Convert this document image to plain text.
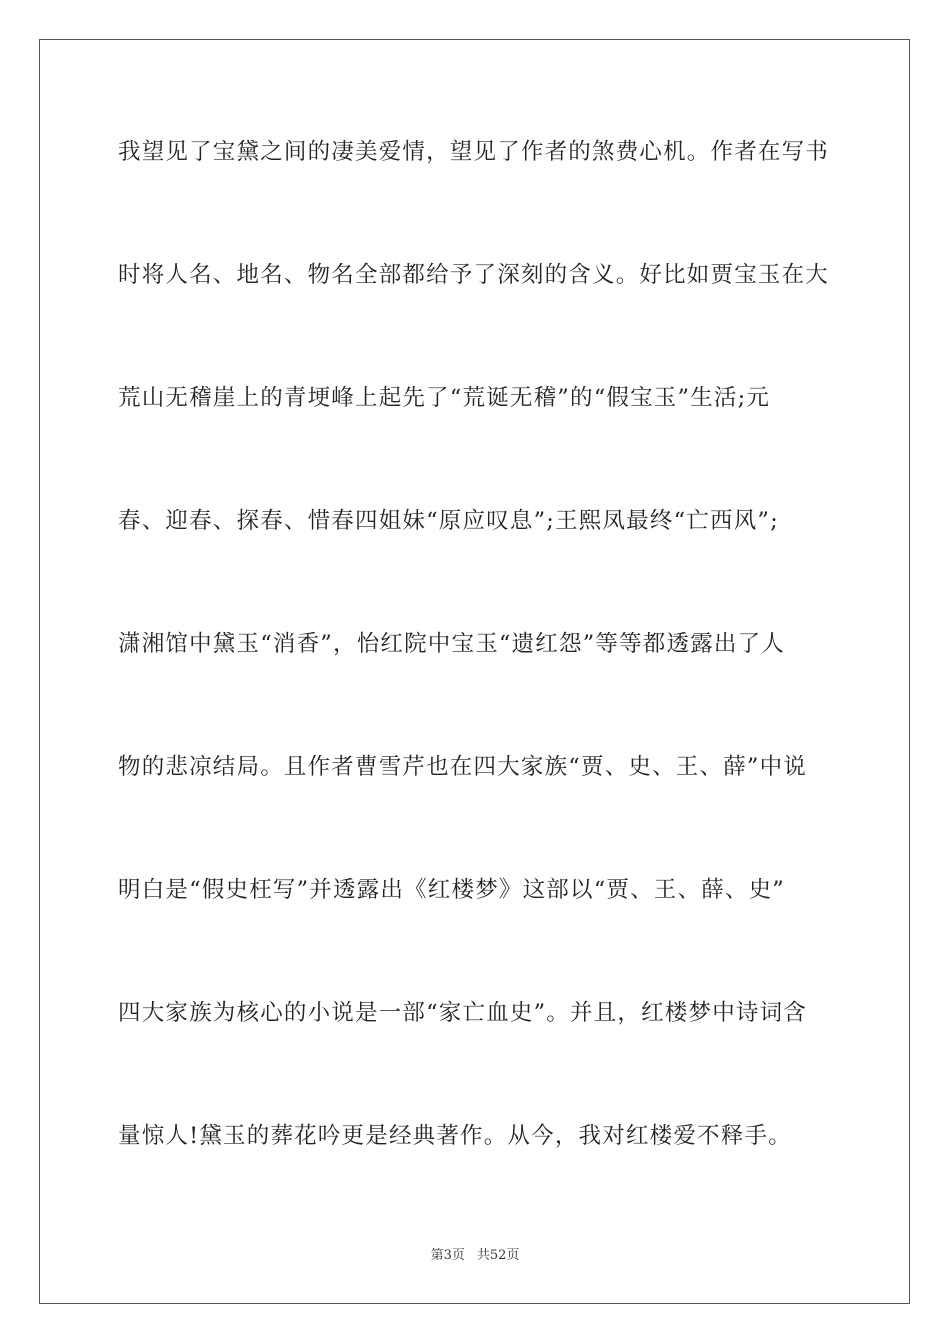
我望见了宝黛之间的凄美爱情，望见了作者的煞费心机。作者在写书
时将人名、地名、物名全部都给予了深刻的含义。好比如贾宝玉在大
荒山无稽崖上的青埂峰上起先了“荒诞无稽”的“假宝玉”生活;元
春、迎春、探春、惜春四姐妹“原应叹息”;王熙凤最终“亡西风”;
潇湘馆中黛玉“消香”，怡红院中宝玉“遗红怨”等等都透露出了人
物的悲凉结局。且作者曹雪芹也在四大家族“贾、史、王、薛”中说
明白是“假史枉写”并透露出《红楼梦》这部以“贾、王、薛、史”
四大家族为核心的小说是一部“家亡血史”。并且，红楼梦中诗词含
量惊人!黛玉的葬花吟更是经典著作。从今，我对红楼爱不释手。
第3页 共52页
